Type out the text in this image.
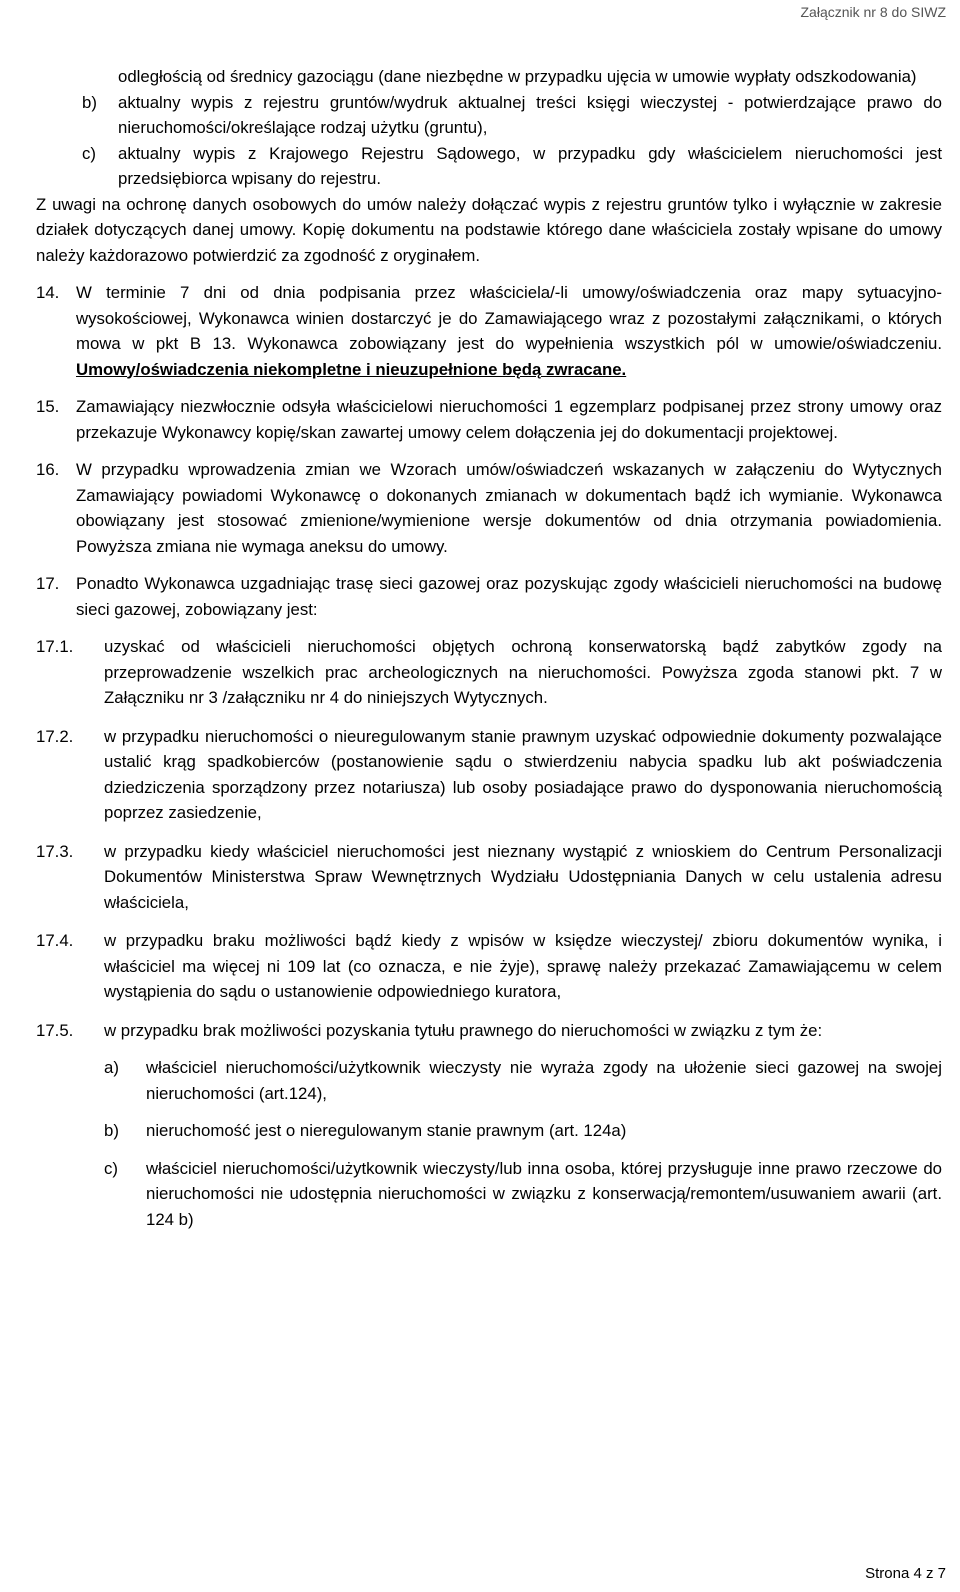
Załącznik nr 8 do SIWZ

odległością od średnicy gazociągu (dane niezbędne w przypadku ujęcia w umowie wypłaty odszkodowania)

b)	aktualny wypis z rejestru gruntów/wydruk aktualnej treści księgi wieczystej - potwierdzające prawo do nieruchomości/określające rodzaj użytku (gruntu),
c)	aktualny wypis z Krajowego Rejestru Sądowego, w przypadku gdy właścicielem nieruchomości jest przedsiębiorca wpisany do rejestru.

Z uwagi na ochronę danych osobowych do umów należy dołączać wypis z rejestru gruntów tylko i wyłącznie w zakresie działek dotyczących danej umowy. Kopię dokumentu na podstawie którego dane właściciela zostały wpisane do umowy należy każdorazowo potwierdzić za zgodność z oryginałem.

14. W terminie 7 dni od dnia podpisania przez właściciela/-li umowy/oświadczenia oraz mapy sytuacyjno-wysokościowej, Wykonawca winien dostarczyć je do Zamawiającego wraz z pozostałymi załącznikami, o których mowa w pkt B 13. Wykonawca zobowiązany jest do wypełnienia wszystkich pól w umowie/oświadczeniu. Umowy/oświadczenia niekompletne i nieuzupełnione będą zwracane.
15. Zamawiający niezwłocznie odsyła właścicielowi nieruchomości 1 egzemplarz podpisanej przez strony umowy oraz przekazuje Wykonawcy kopię/skan zawartej umowy celem dołączenia jej do dokumentacji projektowej.
16. W przypadku wprowadzenia zmian we Wzorach umów/oświadczeń wskazanych w załączeniu do Wytycznych Zamawiający powiadomi Wykonawcę o dokonanych zmianach w dokumentach bądź ich wymianie. Wykonawca obowiązany jest stosować zmienione/wymienione wersje dokumentów od dnia otrzymania powiadomienia. Powyższa zmiana nie wymaga aneksu do umowy.
17. Ponadto Wykonawca uzgadniając trasę sieci gazowej oraz pozyskując zgody właścicieli nieruchomości na budowę sieci gazowej, zobowiązany jest:
17.1.	uzyskać od właścicieli nieruchomości objętych ochroną konserwatorską bądź zabytków zgody na przeprowadzenie wszelkich prac archeologicznych na nieruchomości. Powyższa zgoda stanowi pkt. 7 w Załączniku nr 3 /załączniku nr 4 do niniejszych Wytycznych.
17.2.	w przypadku nieruchomości o nieuregulowanym stanie prawnym uzyskać odpowiednie dokumenty pozwalające ustalić krąg spadkobierców (postanowienie sądu o stwierdzeniu nabycia spadku lub akt poświadczenia dziedziczenia sporządzony przez notariusza) lub osoby posiadające prawo do dysponowania nieruchomością poprzez zasiedzenie,
17.3.	w przypadku kiedy właściciel nieruchomości jest nieznany wystąpić z wnioskiem do Centrum Personalizacji Dokumentów Ministerstwa Spraw Wewnętrznych Wydziału Udostępniania Danych w celu ustalenia adresu właściciela,
17.4.	w przypadku braku możliwości bądź kiedy z wpisów w księdze wieczystej/ zbioru dokumentów wynika, i właściciel ma więcej ni 109 lat (co oznacza, e nie żyje), sprawę należy przekazać Zamawiającemu w celem wystąpienia do sądu o ustanowienie odpowiedniego kuratora,
17.5.	w przypadku brak możliwości pozyskania tytułu prawnego do nieruchomości w związku z tym że:
a)	właściciel nieruchomości/użytkownik wieczysty nie wyraża zgody na ułożenie sieci gazowej na swojej nieruchomości (art.124),
b)	nieruchomość jest o nieregulowanym stanie prawnym (art. 124a)
c)	właściciel nieruchomości/użytkownik wieczysty/lub inna osoba, której przysługuje inne prawo rzeczowe do nieruchomości nie udostępnia nieruchomości w związku z konserwacją/remontem/usuwaniem awarii (art. 124 b)
Strona 4 z 7
